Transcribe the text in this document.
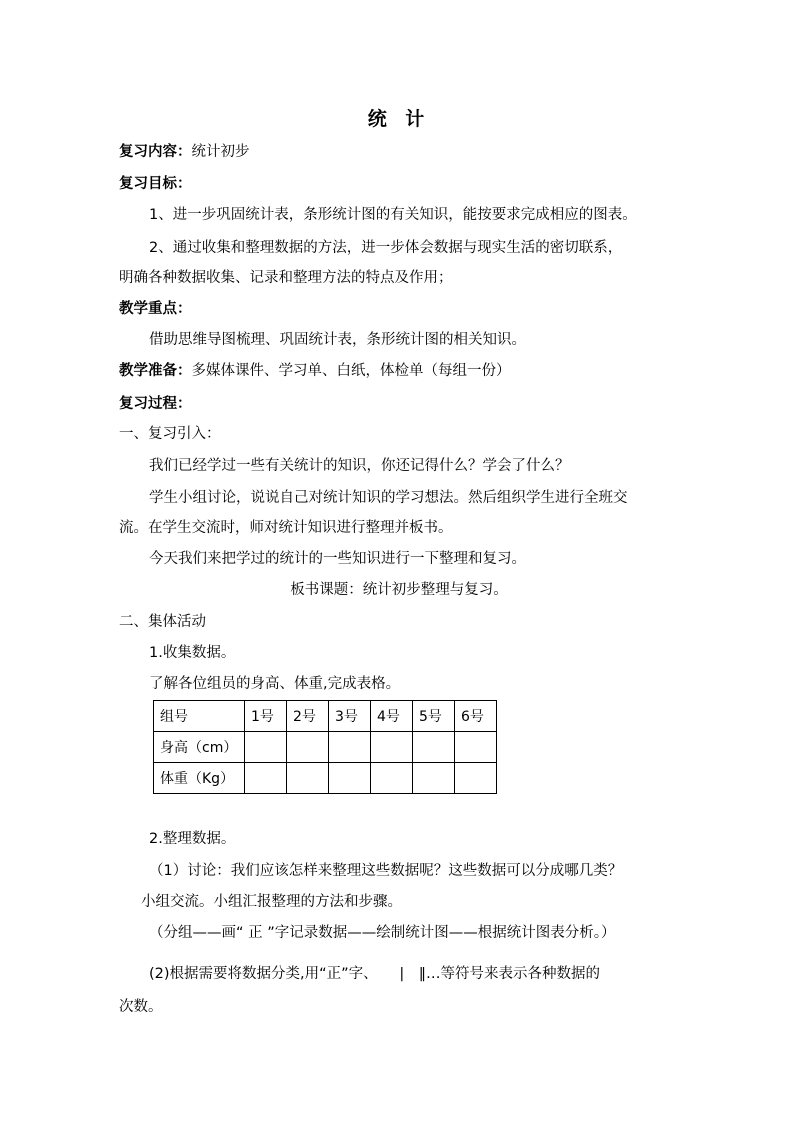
统 计
复习内容：统计初步
复习目标：
1、进一步巩固统计表，条形统计图的有关知识，能按要求完成相应的图表。
2、通过收集和整理数据的方法，进一步体会数据与现实生活的密切联系，
明确各种数据收集、记录和整理方法的特点及作用；
教学重点：
借助思维导图梳理、巩固统计表，条形统计图的相关知识。
教学准备：多媒体课件、学习单、白纸，体检单（每组一份）
复习过程：
一、复习引入：
我们已经学过一些有关统计的知识，你还记得什么？学会了什么？
学生小组讨论，说说自己对统计知识的学习想法。然后组织学生进行全班交
流。在学生交流时，师对统计知识进行整理并板书。
今天我们来把学过的统计的一些知识进行一下整理和复习。
板书课题：统计初步整理与复习。
二、集体活动
1.收集数据。
了解各位组员的身高、体重,完成表格。
组号	1号	2号	3号	4号	5号	6号
身高（cm）						
体重（Kg）						
2.整理数据。
（1）讨论：我们应该怎样来整理这些数据呢？这些数据可以分成哪几类？
小组交流。小组汇报整理的方法和步骤。
（分组——画“ 正 ”字记录数据——绘制统计图——根据统计图表分析。）
(2)根据需要将数据分类,用“正”字、　　|　‖…等符号来表示各种数据的
次数。
